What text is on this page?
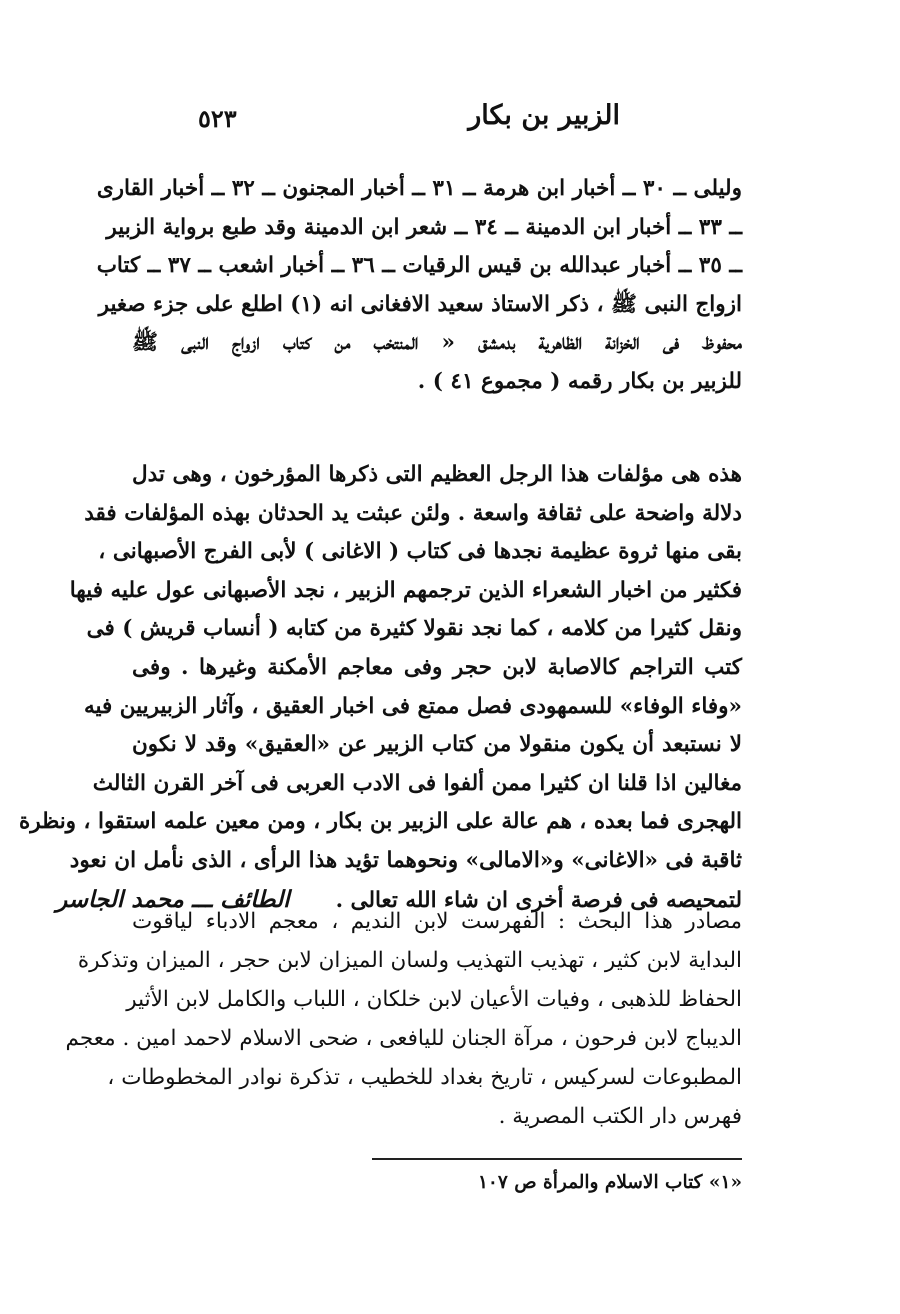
الزبير بن بكار
٥٢٣
وليلى ــ ٣٠ ــ أخبار ابن هرمة ــ ٣١ ــ أخبار المجنون ــ ٣٢ ــ أخبار القارى
ــ ٣٣ ــ أخبار ابن الدمينة ــ ٣٤ ــ شعر ابن الدمينة وقد طبع برواية الزبير
ــ ٣٥ ــ أخبار عبدالله بن قيس الرقيات ــ ٣٦ ــ أخبار اشعب ــ ٣٧ ــ كتاب
ازواج النبى ﷺ ، ذكر الاستاذ سعيد الافغانى انه (١) اطلع على جزء صغير
محفوظ فى الخزانة الظاهرية بدمشق « المنتخب من كتاب ازواج النبى ﷺ
للزبير بن بكار رقمه ( مجموع ٤١ ) .
هذه هى مؤلفات هذا الرجل العظيم التى ذكرها المؤرخون ، وهى تدل
دلالة واضحة على ثقافة واسعة . ولئن عبثت يد الحدثان بهذه المؤلفات فقد
بقى منها ثروة عظيمة نجدها فى كتاب ( الاغانى ) لأبى الفرج الأصبهانى ،
فكثير من اخبار الشعراء الذين ترجمهم الزبير ، نجد الأصبهانى عول عليه فيها
ونقل كثيرا من كلامه ، كما نجد نقولا كثيرة من كتابه ( أنساب قريش ) فى
كتب التراجم كالاصابة لابن حجر وفى معاجم الأمكنة وغيرها . وفى
«وفاء الوفاء» للسمهودى فصل ممتع فى اخبار العقيق ، وآثار الزبيريين فيه
لا نستبعد أن يكون منقولا من كتاب الزبير عن «العقيق» وقد لا نكون
مغالين اذا قلنا ان كثيرا ممن ألفوا فى الادب العربى فى آخر القرن الثالث
الهجرى فما بعده ، هم عالة على الزبير بن بكار ، ومن معين علمه استقوا ، ونظرة
ثاقبة فى «الاغانى» و«الامالى» ونحوهما تؤيد هذا الرأى ، الذى نأمل ان نعود
لتمحيصه فى فرصة أخرى ان شاء الله تعالى .
الطائف ـــ محمد الجاسر
مصادر هذا البحث : الفهرست لابن النديم ، معجم الادباء لياقوت
البداية لابن كثير ، تهذيب التهذيب ولسان الميزان لابن حجر ، الميزان وتذكرة
الحفاظ للذهبى ، وفيات الأعيان لابن خلكان ، اللباب والكامل لابن الأثير
الديباج لابن فرحون ، مرآة الجنان لليافعى ، ضحى الاسلام لاحمد امين . معجم
المطبوعات لسركيس ، تاريخ بغداد للخطيب ، تذكرة نوادر المخطوطات ،
فهرس دار الكتب المصرية .
«١» كتاب الاسلام والمرأة ص ١٠٧
